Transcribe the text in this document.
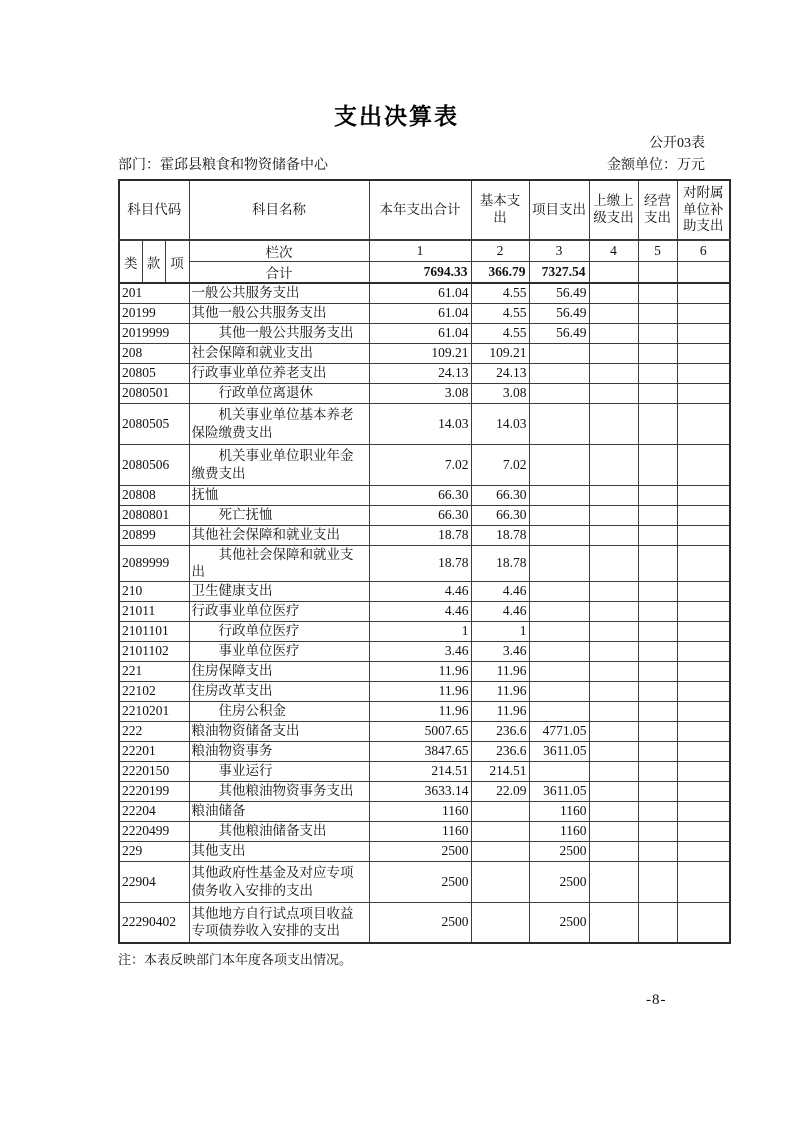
支出决算表
公开03表
部门：霍邱县粮食和物资储备中心	金额单位：万元
科目代码			科目名称	本年支出合计	基本支出	项目支出	上缴上级支出	经营支出	对附属单位补助支出
类	款	项	栏次	1	2	3	4	5	6
			合计	7694.33	366.79	7327.54			
201			一般公共服务支出	61.04	4.55	56.49			
20199			其他一般公共服务支出	61.04	4.55	56.49			
2019999			　　其他一般公共服务支出	61.04	4.55	56.49			
208			社会保障和就业支出	109.21	109.21				
20805			行政事业单位养老支出	24.13	24.13				
2080501			　　行政单位离退休	3.08	3.08				
2080505			　　机关事业单位基本养老保险缴费支出	14.03	14.03				
2080506			　　机关事业单位职业年金缴费支出	7.02	7.02				
20808			抚恤	66.30	66.30				
2080801			　　死亡抚恤	66.30	66.30				
20899			其他社会保障和就业支出	18.78	18.78				
2089999			　　其他社会保障和就业支出	18.78	18.78				
210			卫生健康支出	4.46	4.46				
21011			行政事业单位医疗	4.46	4.46				
2101101			　　行政单位医疗	1	1				
2101102			　　事业单位医疗	3.46	3.46				
221			住房保障支出	11.96	11.96				
22102			住房改革支出	11.96	11.96				
2210201			　　住房公积金	11.96	11.96				
222			粮油物资储备支出	5007.65	236.6	4771.05			
22201			粮油物资事务	3847.65	236.6	3611.05			
2220150			　　事业运行	214.51	214.51				
2220199			　　其他粮油物资事务支出	3633.14	22.09	3611.05			
22204			粮油储备	1160		1160			
2220499			　　其他粮油储备支出	1160		1160			
229			其他支出	2500		2500			
22904			其他政府性基金及对应专项债务收入安排的支出	2500		2500			
22290402			其他地方自行试点项目收益专项债券收入安排的支出	2500		2500			
注：本表反映部门本年度各项支出情况。
-8-
